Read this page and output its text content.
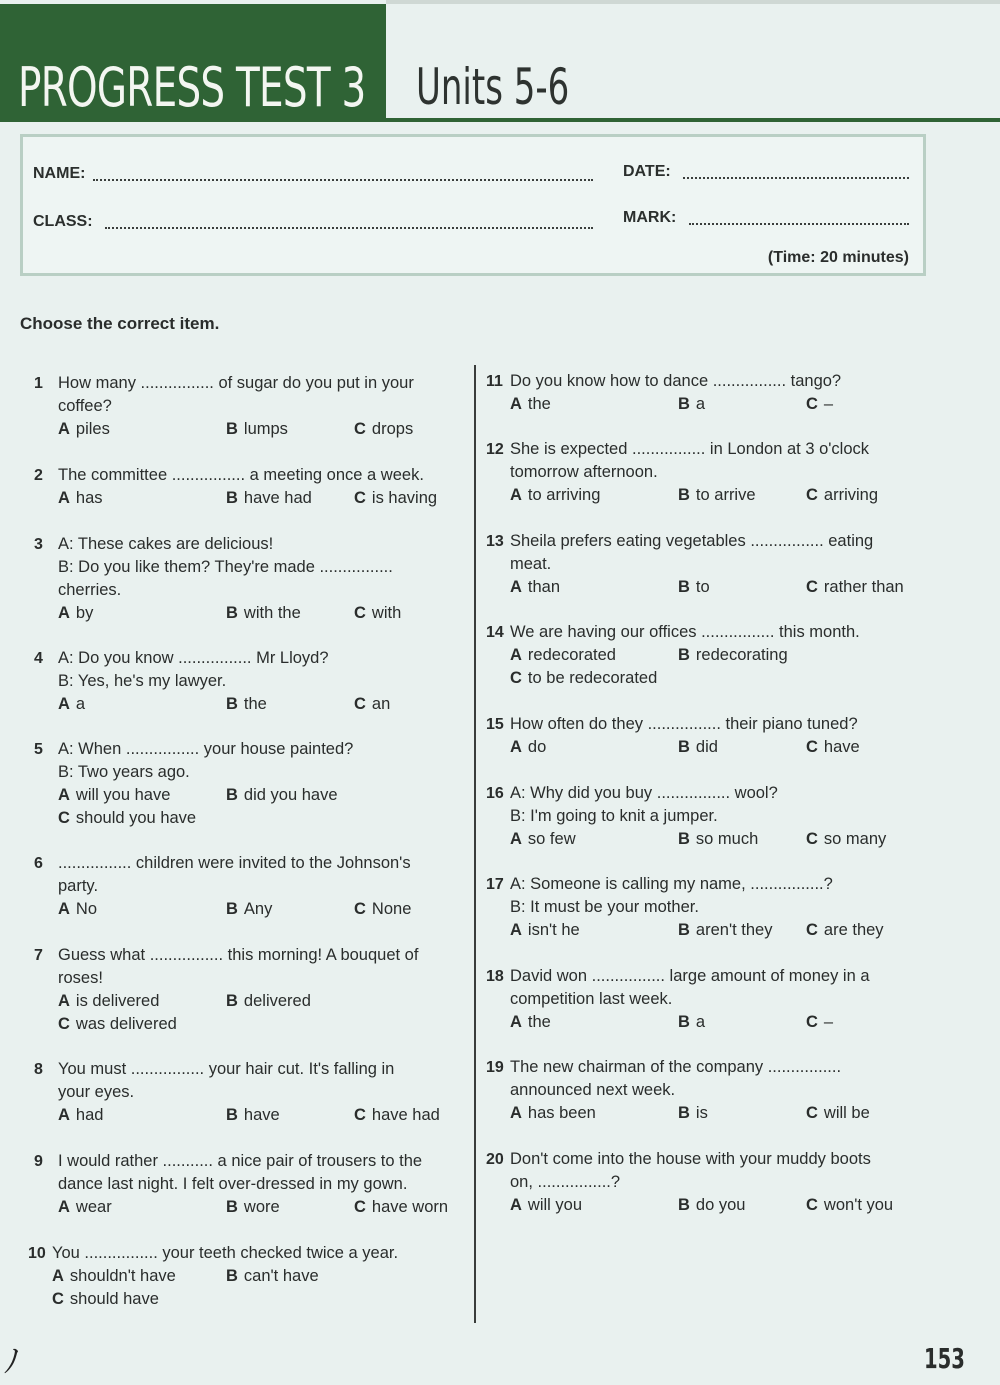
PROGRESS TEST 3 Units 5-6
NAME:	DATE:
CLASS:	MARK:
(Time: 20 minutes)
Choose the correct item.
1 How many ................ of sugar do you put in your
coffee?
A piles	B lumps	C drops
2 The committee ................ a meeting once a week.
A has	B have had	C is having
3 A: These cakes are delicious!
B: Do you like them? They're made ................
cherries.
A by	B with the	C with
4 A: Do you know ................ Mr Lloyd?
B: Yes, he's my lawyer.
A a	B the	C an
5 A: When ................ your house painted?
B: Two years ago.
A will you have	B did you have
C should you have
6 ................ children were invited to the Johnson's
party.
A No	B Any	C None
7 Guess what ................ this morning! A bouquet of
roses!
A is delivered	B delivered
C was delivered
8 You must ................ your hair cut. It's falling in
your eyes.
A had	B have	C have had
9 I would rather ........... a nice pair of trousers to the
dance last night. I felt over-dressed in my gown.
A wear	B wore	C have worn
10 You ................ your teeth checked twice a year.
A shouldn't have	B can't have
C should have
11 Do you know how to dance ................ tango?
A the	B a	C –
12 She is expected ................ in London at 3 o'clock
tomorrow afternoon.
A to arriving	B to arrive	C arriving
13 Sheila prefers eating vegetables ................ eating
meat.
A than	B to	C rather than
14 We are having our offices ................ this month.
A redecorated	B redecorating
C to be redecorated
15 How often do they ................ their piano tuned?
A do	B did	C have
16 A: Why did you buy ................ wool?
B: I'm going to knit a jumper.
A so few	B so much	C so many
17 A: Someone is calling my name, ................?
B: It must be your mother.
A isn't he	B aren't they C are they
18 David won ................ large amount of money in a
competition last week.
A the	B a	C –
19 The new chairman of the company ................
announced next week.
A has been	B is	C will be
20 Don't come into the house with your muddy boots
on, ................?
A will you	B do you	C won't you
153
ﾉ
